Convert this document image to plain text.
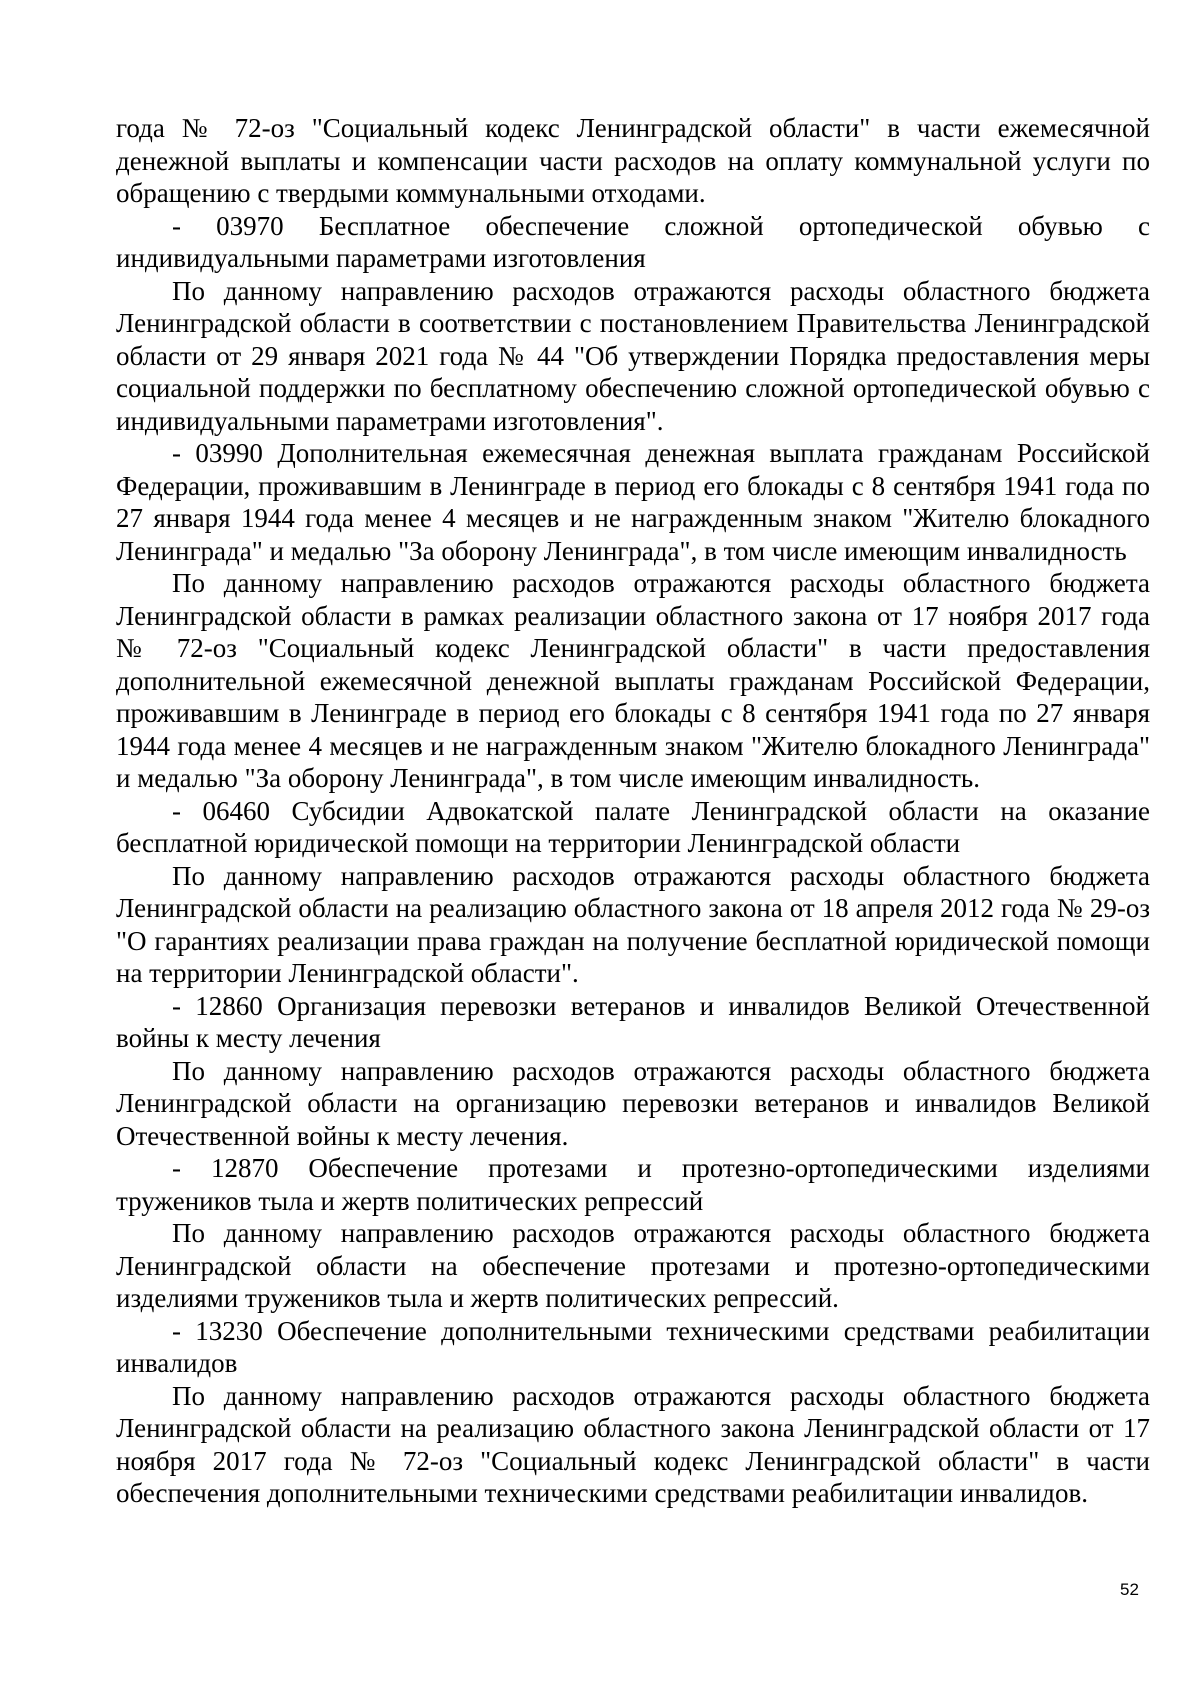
года № 72-оз "Социальный кодекс Ленинградской области" в части ежемесячной денежной выплаты и компенсации части расходов на оплату коммунальной услуги по обращению с твердыми коммунальными отходами.

- 03970 Бесплатное обеспечение сложной ортопедической обувью с индивидуальными параметрами изготовления

По данному направлению расходов отражаются расходы областного бюджета Ленинградской области в соответствии с постановлением Правительства Ленинградской области от 29 января 2021 года № 44 "Об утверждении Порядка предоставления меры социальной поддержки по бесплатному обеспечению сложной ортопедической обувью с индивидуальными параметрами изготовления".

- 03990 Дополнительная ежемесячная денежная выплата гражданам Российской Федерации, проживавшим в Ленинграде в период его блокады с 8 сентября 1941 года по 27 января 1944 года менее 4 месяцев и не награжденным знаком "Жителю блокадного Ленинграда" и медалью "За оборону Ленинграда", в том числе имеющим инвалидность

По данному направлению расходов отражаются расходы областного бюджета Ленинградской области в рамках реализации областного закона от 17 ноября 2017 года № 72-оз "Социальный кодекс Ленинградской области" в части предоставления дополнительной ежемесячной денежной выплаты гражданам Российской Федерации, проживавшим в Ленинграде в период его блокады с 8 сентября 1941 года по 27 января 1944 года менее 4 месяцев и не награжденным знаком "Жителю блокадного Ленинграда" и медалью "За оборону Ленинграда", в том числе имеющим инвалидность.

- 06460 Субсидии Адвокатской палате Ленинградской области на оказание бесплатной юридической помощи на территории Ленинградской области

По данному направлению расходов отражаются расходы областного бюджета Ленинградской области на реализацию областного закона от 18 апреля 2012 года № 29-оз "О гарантиях реализации права граждан на получение бесплатной юридической помощи на территории Ленинградской области".

- 12860 Организация перевозки ветеранов и инвалидов Великой Отечественной войны к месту лечения

По данному направлению расходов отражаются расходы областного бюджета Ленинградской области на организацию перевозки ветеранов и инвалидов Великой Отечественной войны к месту лечения.

- 12870 Обеспечение протезами и протезно-ортопедическими изделиями тружеников тыла и жертв политических репрессий

По данному направлению расходов отражаются расходы областного бюджета Ленинградской области на обеспечение протезами и протезно-ортопедическими изделиями тружеников тыла и жертв политических репрессий.

- 13230 Обеспечение дополнительными техническими средствами реабилитации инвалидов

По данному направлению расходов отражаются расходы областного бюджета Ленинградской области на реализацию областного закона Ленинградской области от 17 ноября 2017 года № 72-оз "Социальный кодекс Ленинградской области" в части обеспечения дополнительными техническими средствами реабилитации инвалидов.

52
